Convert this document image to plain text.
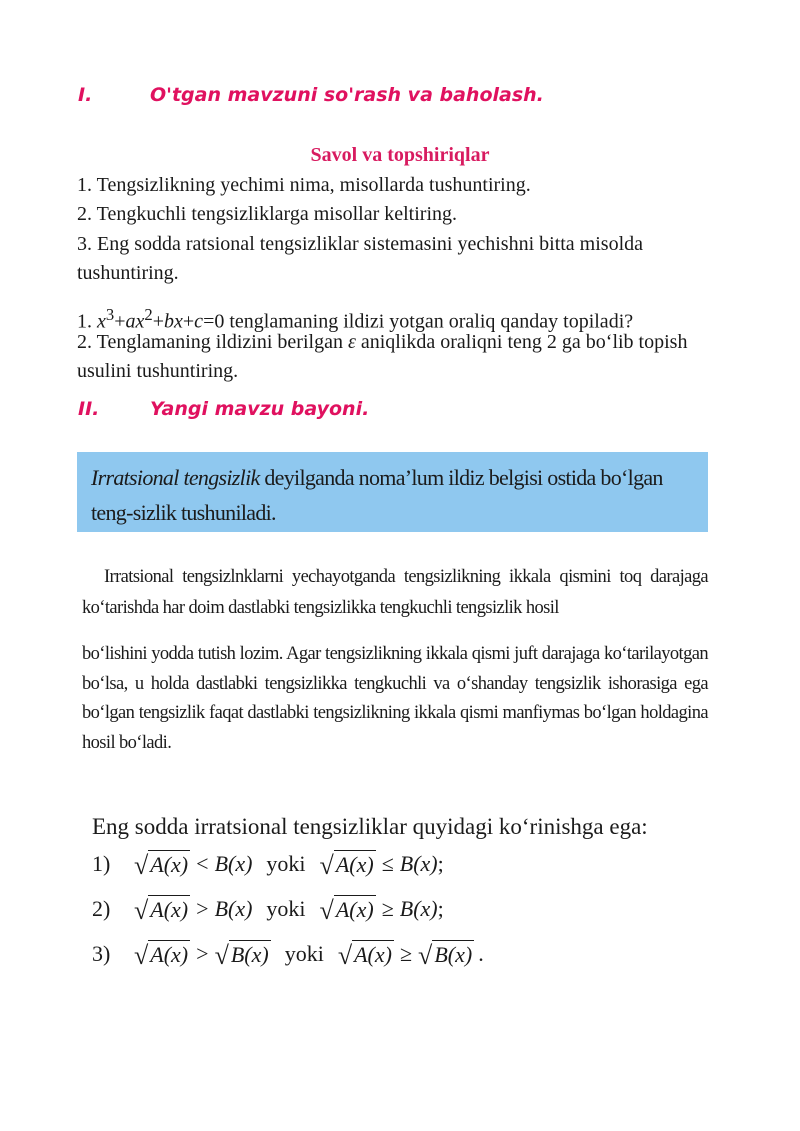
I.	O'tgan mavzuni so'rash va baholash.
Savol va topshiriqlar
1. Tengsizlikning yechimi nima, misollarda tushuntiring.
2. Tengkuchli tengsizliklarga misollar keltiring.
3. Eng sodda ratsional tengsizliklar sistemasini yechishni bitta misolda tushuntiring.
1. $x^3+ax^2+bx+c=0$ tenglamaning ildizi yotgan oraliq qanday topiladi?
2. Tenglamaning ildizini berilgan ε aniqlikda oraliqni teng 2 ga bo‘lib topish usulini tushuntiring.
II.	Yangi mavzu bayoni.
Irratsional tengsizlik deyilganda noma’lum ildiz belgisi ostida bo‘lgan teng-sizlik tushuniladi.
Irratsional tengsizlnklarni yechayotganda tengsizlikning ikkala qismini toq darajaga ko‘tarishda har doim dastlabki tengsizlikka tengkuchli tengsizlik hosil
bo‘lishini yodda tutish lozim. Agar tengsizlikning ikkala qismi juft darajaga ko‘tarilayotgan bo‘lsa, u holda dastlabki tengsizlikka tengkuchli va o‘shanday tengsizlik ishorasiga ega bo‘lgan tengsizlik faqat dastlabki tengsizlikning ikkala qismi manfiymas bo‘lgan holdagina hosil bo‘ladi.
Eng sodda irratsional tengsizliklar quyidagi ko‘rinishga ega:
1) √ A(x) < B(x) yoki √ A(x) ≤ B(x) ;
2) √ A(x) > B(x) yoki √ A(x) ≥ B(x) ;
3) √ A(x) > √ B(x) yoki √ A(x) ≥ √ B(x) .
